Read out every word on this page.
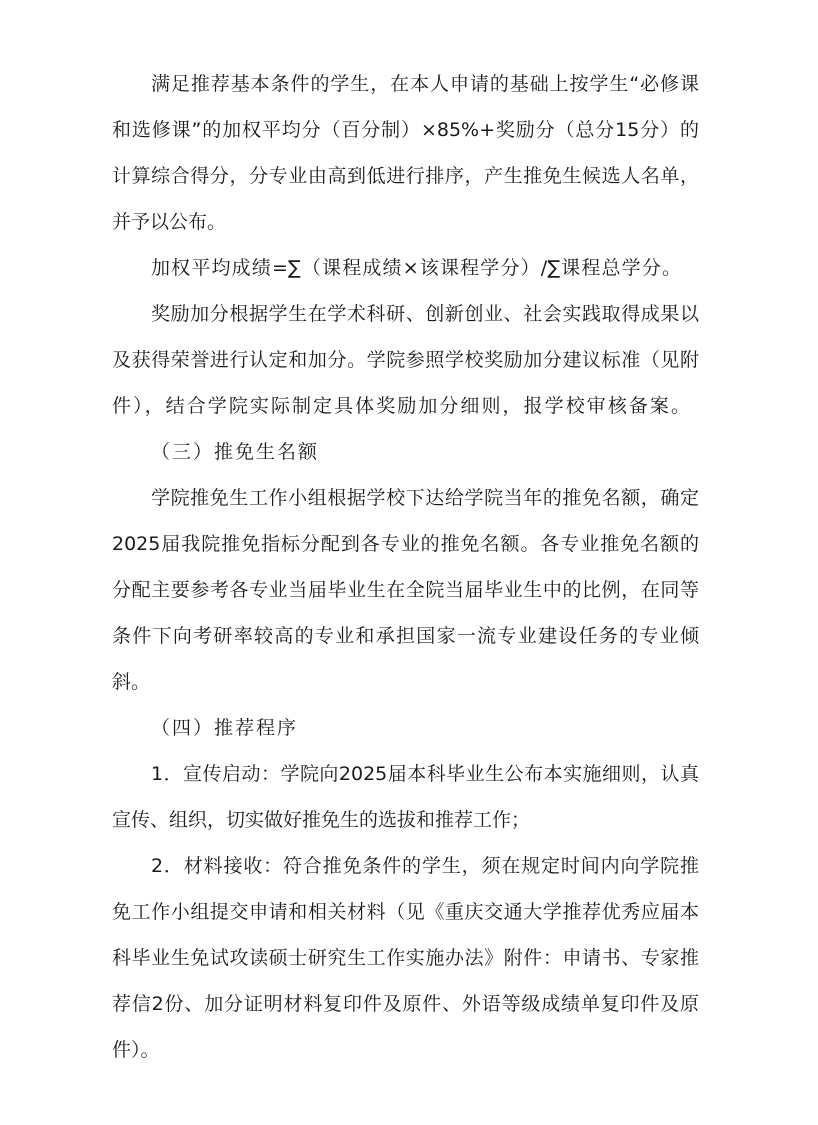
满足推荐基本条件的学生，在本人申请的基础上按学生“必修课
和选修课”的加权平均分（百分制）×85%+奖励分（总分15分）的
计算综合得分，分专业由高到低进行排序，产生推免生候选人名单，
并予以公布。
加权平均成绩=∑（课程成绩×该课程学分）/∑课程总学分。
奖励加分根据学生在学术科研、创新创业、社会实践取得成果以
及获得荣誉进行认定和加分。学院参照学校奖励加分建议标准（见附
件），结合学院实际制定具体奖励加分细则，报学校审核备案。
（三）推免生名额
学院推免生工作小组根据学校下达给学院当年的推免名额，确定
2025届我院推免指标分配到各专业的推免名额。各专业推免名额的
分配主要参考各专业当届毕业生在全院当届毕业生中的比例，在同等
条件下向考研率较高的专业和承担国家一流专业建设任务的专业倾
斜。
（四）推荐程序
1．宣传启动：学院向2025届本科毕业生公布本实施细则，认真
宣传、组织，切实做好推免生的选拔和推荐工作；
2．材料接收：符合推免条件的学生，须在规定时间内向学院推
免工作小组提交申请和相关材料（见《重庆交通大学推荐优秀应届本
科毕业生免试攻读硕士研究生工作实施办法》附件：申请书、专家推
荐信2份、加分证明材料复印件及原件、外语等级成绩单复印件及原
件）。
